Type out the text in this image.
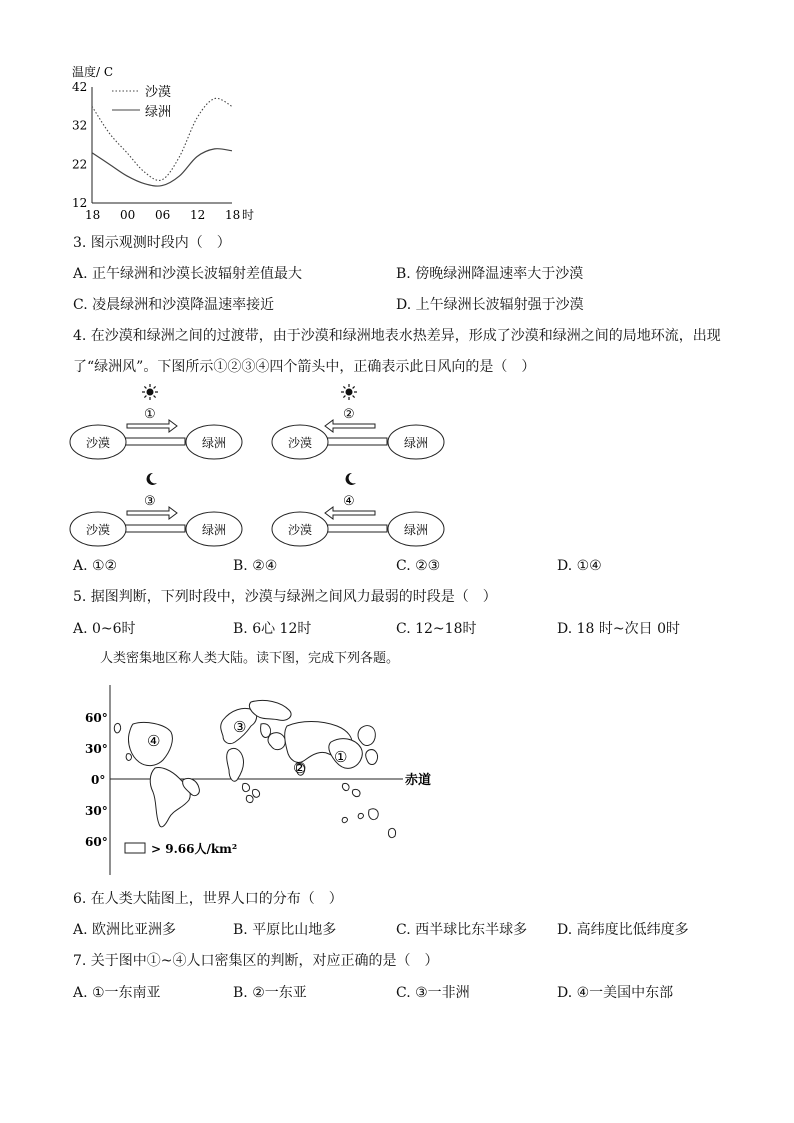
温度/ C
42
32
22
12
18 00 06 12 18 时
沙漠
绿洲
3. 图示观测时段内（　）
A. 正午绿洲和沙漠长波辐射差值最大	B. 傍晚绿洲降温速率大于沙漠
C. 凌晨绿洲和沙漠降温速率接近	D. 上午绿洲长波辐射强于沙漠
4. 在沙漠和绿洲之间的过渡带，由于沙漠和绿洲地表水热差异，形成了沙漠和绿洲之间的局地环流，出现
了“绿洲风”。下图所示①②③④四个箭头中，正确表示此日风向的是（　）
①
沙漠	绿洲
②
沙漠	绿洲
③
沙漠	绿洲
④
沙漠	绿洲
A. ①②	B. ②④	C. ②③	D. ①④
5. 据图判断，下列时段中，沙漠与绿洲之间风力最弱的时段是（　）
A. 0~6时	B. 6心 12时	C. 12~18时	D. 18 时~次日 0时
人类密集地区称人类大陆。读下图，完成下列各题。
60°
30°
0°
30°
60°
赤道
④
③
②
①
> 9.66人/km²
6. 在人类大陆图上，世界人口的分布（　）
A. 欧洲比亚洲多	B. 平原比山地多	C. 西半球比东半球多 D. 高纬度比低纬度多
7. 关于图中①~④人口密集区的判断，对应正确的是（　）
A. ①一东南亚	B. ②一东亚	C. ③一非洲	D. ④一美国中东部
